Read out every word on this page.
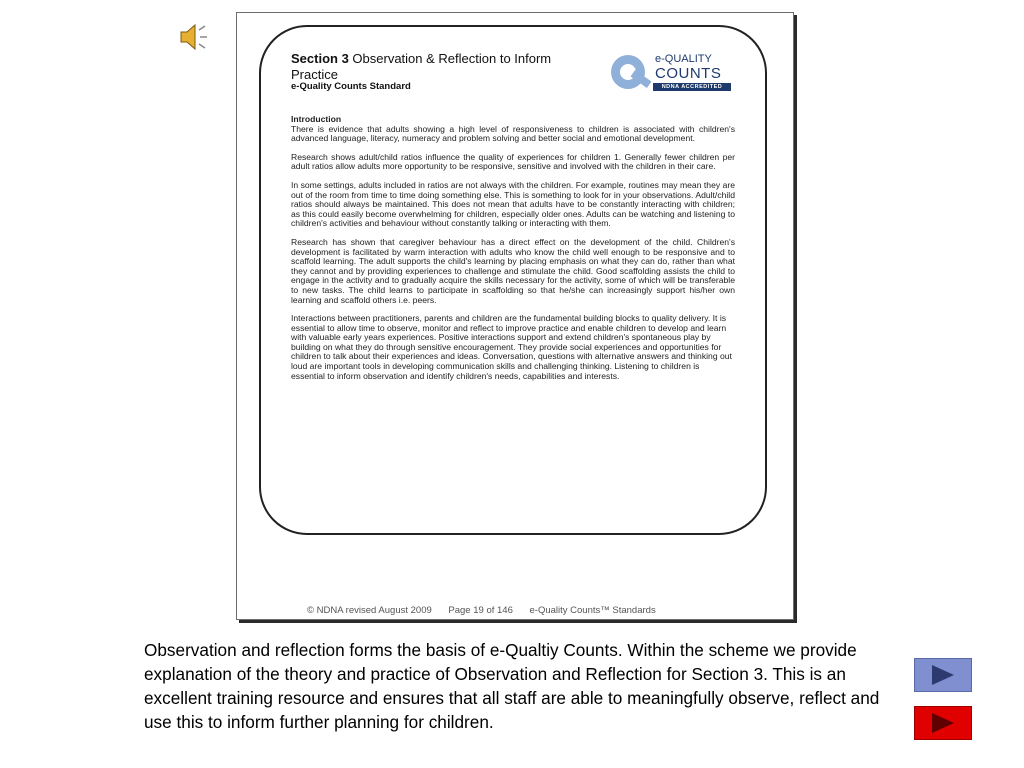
Section 3 Observation & Reflection to Inform Practice
e-Quality Counts Standard
e-QUALITY
COUNTS
NDNA ACCREDITED
Introduction

There is evidence that adults showing a high level of responsiveness to children is associated with children's advanced language, literacy, numeracy and problem solving and better social and emotional development.

Research shows adult/child ratios influence the quality of experiences for children 1. Generally fewer children per adult ratios allow adults more opportunity to be responsive, sensitive and involved with the children in their care.

In some settings, adults included in ratios are not always with the children. For example, routines may mean they are out of the room from time to time doing something else. This is something to look for in your observations. Adult/child ratios should always be maintained. This does not mean that adults have to be constantly interacting with children; as this could easily become overwhelming for children, especially older ones. Adults can be watching and listening to children's activities and behaviour without constantly talking or interacting with them.

Research has shown that caregiver behaviour has a direct effect on the development of the child. Children's development is facilitated by warm interaction with adults who know the child well enough to be responsive and to scaffold learning. The adult supports the child's learning by placing emphasis on what they can do, rather than what they cannot and by providing experiences to challenge and stimulate the child. Good scaffolding assists the child to engage in the activity and to gradually acquire the skills necessary for the activity, some of which will be transferable to new tasks. The child learns to participate in scaffolding so that he/she can increasingly support his/her own learning and scaffold others i.e. peers.

Interactions between practitioners, parents and children are the fundamental building blocks to quality delivery. It is essential to allow time to observe, monitor and reflect to improve practice and enable children to develop and learn with valuable early years experiences. Positive interactions support and extend children's spontaneous play by building on what they do through sensitive encouragement. They provide social experiences and opportunities for children to talk about their experiences and ideas. Conversation, questions with alternative answers and thinking out loud are important tools in developing communication skills and challenging thinking. Listening to children is essential to inform observation and identify children's needs, capabilities and interests.

© NDNA revised August 2009 Page 19 of 146 e-Quality Counts™ Standards
Observation and reflection forms the basis of e-Qualtiy Counts. Within the scheme we provide explanation of the theory and practice of Observation and Reflection for Section 3. This is an excellent training resource and ensures that all staff are able to meaningfully observe, reflect and use this to inform further planning for children.
